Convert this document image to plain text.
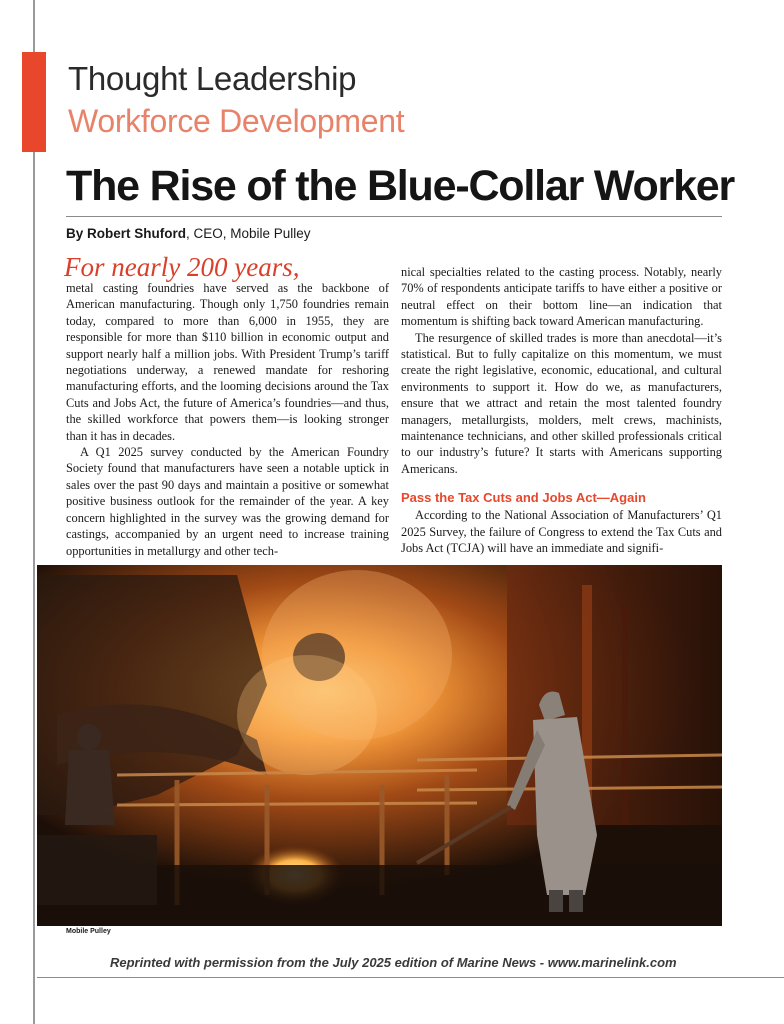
Thought Leadership
Workforce Development
The Rise of the Blue-Collar Worker
By Robert Shuford, CEO, Mobile Pulley
For nearly 200 years,

metal casting foundries have served as the backbone of American manufacturing. Though only 1,750 foundries remain today, compared to more than 6,000 in 1955, they are responsible for more than $110 billion in economic output and support nearly half a million jobs. With President Trump’s tariff negotiations underway, a renewed mandate for reshoring manufacturing efforts, and the looming decisions around the Tax Cuts and Jobs Act, the future of America’s foundries—and thus, the skilled workforce that powers them—is looking stronger than it has in decades.

A Q1 2025 survey conducted by the American Foundry Society found that manufacturers have seen a notable uptick in sales over the past 90 days and maintain a positive or somewhat positive business outlook for the remainder of the year. A key concern highlighted in the survey was the growing demand for castings, accompanied by an urgent need to increase training opportunities in metallurgy and other tech-

nical specialties related to the casting process. Notably, nearly 70% of respondents anticipate tariffs to have either a positive or neutral effect on their bottom line—an indication that momentum is shifting back toward American manufacturing.

The resurgence of skilled trades is more than anecdotal—it’s statistical. But to fully capitalize on this momentum, we must create the right legislative, economic, educational, and cultural environments to support it. How do we, as manufacturers, ensure that we attract and retain the most talented foundry managers, metallurgists, molders, melt crews, machinists, maintenance technicians, and other skilled professionals critical to our industry’s future? It starts with Americans supporting Americans.

Pass the Tax Cuts and Jobs Act—Again

According to the National Association of Manufacturers’ Q1 2025 Survey, the failure of Congress to extend the Tax Cuts and Jobs Act (TCJA) will have an immediate and signifi-

Mobile Pulley
Reprinted with permission from the July 2025 edition of Marine News - www.marinelink.com
